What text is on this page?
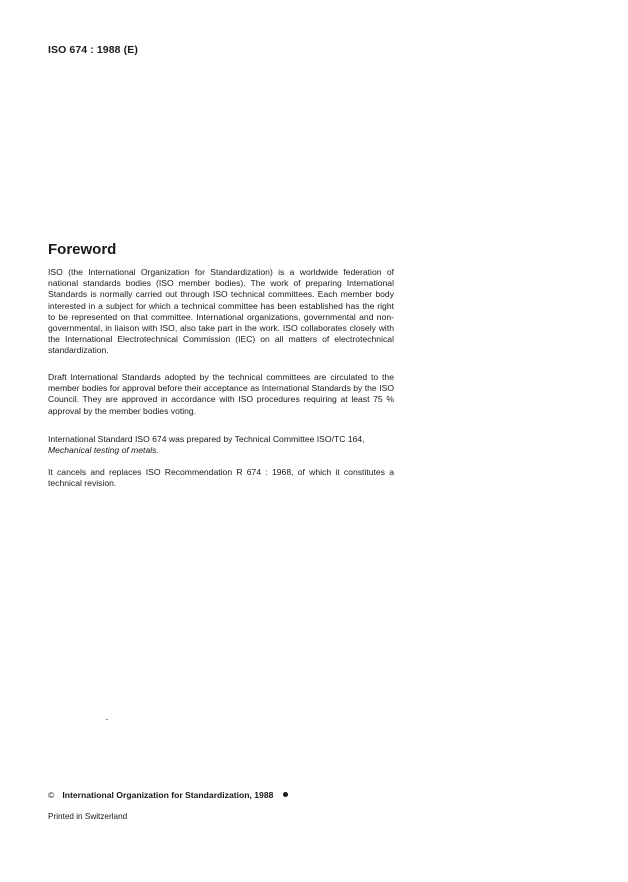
ISO 674 : 1988 (E)
Foreword

ISO (the International Organization for Standardization) is a worldwide federation of national standards bodies (ISO member bodies). The work of preparing International Standards is normally carried out through ISO technical committees. Each member body interested in a subject for which a technical committee has been established has the right to be represented on that committee. International organizations, governmental and non-governmental, in liaison with ISO, also take part in the work. ISO collaborates closely with the International Electrotechnical Commission (IEC) on all matters of electrotechnical standardization.

Draft International Standards adopted by the technical committees are circulated to the member bodies for approval before their acceptance as International Standards by the ISO Council. They are approved in accordance with ISO procedures requiring at least 75 % approval by the member bodies voting.

International Standard ISO 674 was prepared by Technical Committee ISO/TC 164,
Mechanical testing of metals.

It cancels and replaces ISO Recommendation R 674 : 1968, of which it constitutes a technical revision.

© International Organization for Standardization, 1988
Printed in Switzerland
